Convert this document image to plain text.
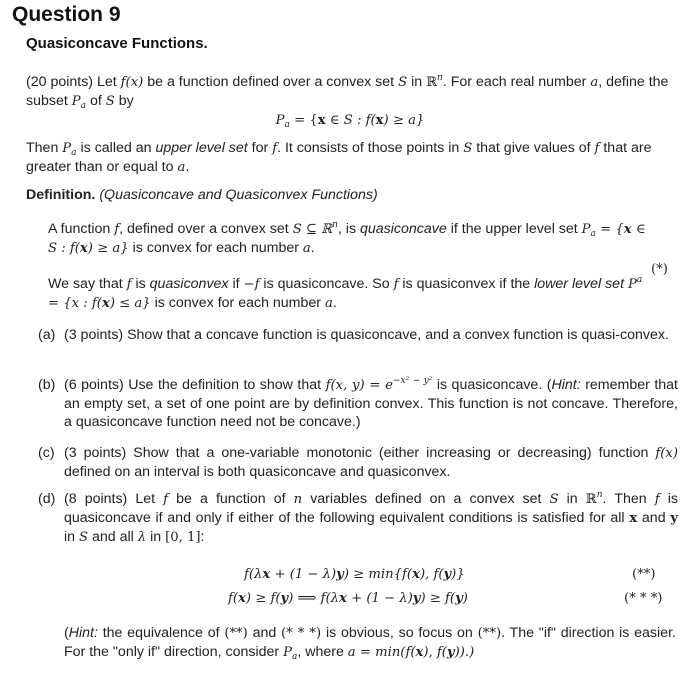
Question 9
Quasiconcave Functions.
(20 points) Let f(x) be a function defined over a convex set S in ℝ$^n$. For each real number a, define the subset $P_a$ of S by
$P_a = \{x$ ∈ S : f(x) ≥ a}
Then $P_a$ is called an upper level set for f. It consists of those points in S that give values of f that are greater than or equal to a.
Definition. (Quasiconcave and Quasiconvex Functions)
A function f, defined over a convex set S ⊆ ℝ$^n$, is quasiconcave if the upper level set $P_a = \{x$ ∈ S : f(x) ≥ a} is convex for each number a.
(*)
We say that f is quasiconvex if −f is quasiconcave. So f is quasiconvex if the lower level set $P^a = \{x$ : f(x) ≤ a} is convex for each number a.
(a) (3 points) Show that a concave function is quasiconcave, and a convex function is quasi-convex.
(b) (6 points) Use the definition to show that f(x, $y) = e^{-x^2 - y^2}$ is quasiconcave. (Hint: remember that an empty set, a set of one point are by definition convex. This function is not concave. Therefore, a quasiconcave function need not be concave.)
(c) (3 points) Show that a one-variable monotonic (either increasing or decreasing) function f(x) defined on an interval is both quasiconcave and quasiconvex.
(d) (8 points) Let f be a function of n variables defined on a convex set S in ℝ$^n$. Then f is quasiconcave if and only if either of the following equivalent conditions is satisfied for all x and y in S and all λ in [0, 1]:
f(λx + (1 − λ)y) ≥ min{f(x), f(y)}	(**)
f(x) ≥ f(y) ⟹ f(λx + (1 − λ)y) ≥ f(y)	(* * *)
(Hint: the equivalence of (**) and (* * *) is obvious, so focus on (**). The "if" direction is easier. For the "only if" direction, consider $P_a$, where a = min(f(x), f(y)).)
